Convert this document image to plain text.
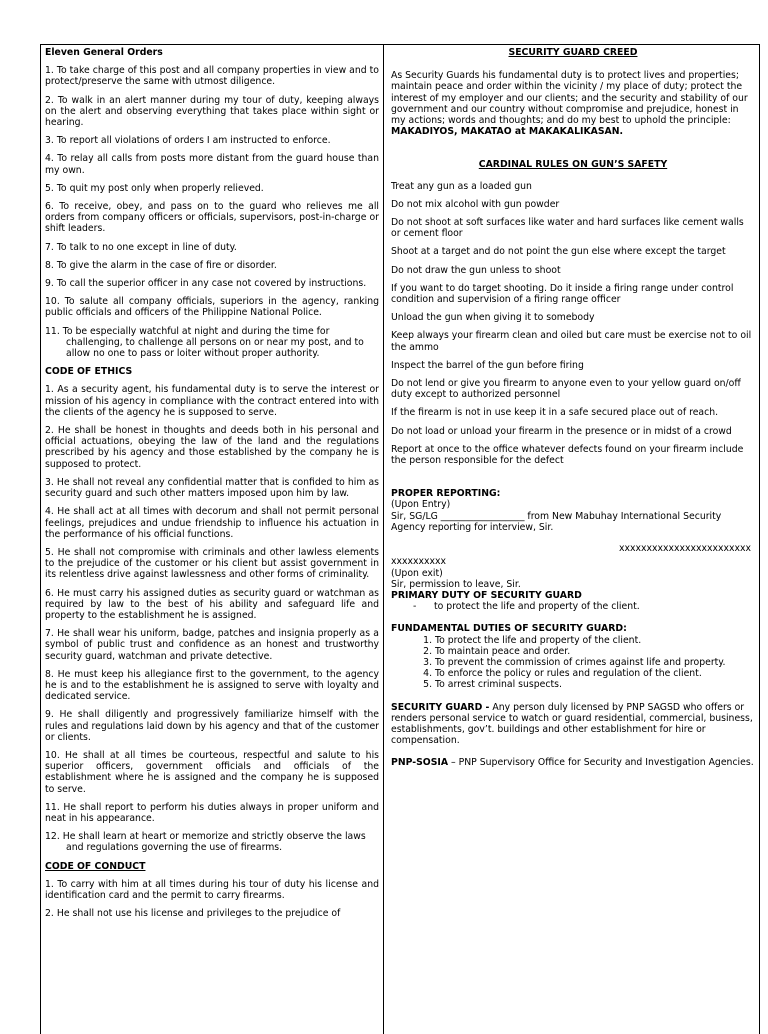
Eleven General Orders

1. To take charge of this post and all company properties in view and to protect/preserve the same with utmost diligence.

2. To walk in an alert manner during my tour of duty, keeping always on the alert and observing everything that takes place within sight or hearing.

3. To report all violations of orders I am instructed to enforce.

4. To relay all calls from posts more distant from the guard house than my own.

5. To quit my post only when properly relieved.

6. To receive, obey, and pass on to the guard who relieves me all orders from company officers or officials, supervisors, post-in-charge or shift leaders.

7. To talk to no one except in line of duty.

8. To give the alarm in the case of fire or disorder.

9. To call the superior officer in any case not covered by instructions.

10. To salute all company officials, superiors in the agency, ranking public officials and officers of the Philippine National Police.

11. To be especially watchful at night and during the time for challenging, to challenge all persons on or near my post, and to allow no one to pass or loiter without proper authority.

CODE OF ETHICS

1. As a security agent, his fundamental duty is to serve the interest or mission of his agency in compliance with the contract entered into with the clients of the agency he is supposed to serve.

2. He shall be honest in thoughts and deeds both in his personal and official actuations, obeying the law of the land and the regulations prescribed by his agency and those established by the company he is supposed to protect.

3. He shall not reveal any confidential matter that is confided to him as security guard and such other matters imposed upon him by law.

4. He shall act at all times with decorum and shall not permit personal feelings, prejudices and undue friendship to influence his actuation in the performance of his official functions.

5. He shall not compromise with criminals and other lawless elements to the prejudice of the customer or his client but assist government in its relentless drive against lawlessness and other forms of criminality.

6. He must carry his assigned duties as security guard or watchman as required by law to the best of his ability and safeguard life and property to the establishment he is assigned.

7. He shall wear his uniform, badge, patches and insignia properly as a symbol of public trust and confidence as an honest and trustworthy security guard, watchman and private detective.

8. He must keep his allegiance first to the government, to the agency he is and to the establishment he is assigned to serve with loyalty and dedicated service.

9. He shall diligently and progressively familiarize himself with the rules and regulations laid down by his agency and that of the customer or clients.

10. He shall at all times be courteous, respectful and salute to his superior officers, government officials and officials of the establishment where he is assigned and the company he is supposed to serve.

11. He shall report to perform his duties always in proper uniform and neat in his appearance.

12. He shall learn at heart or memorize and strictly observe the laws and regulations governing the use of firearms.

CODE OF CONDUCT

1. To carry with him at all times during his tour of duty his license and identification card and the permit to carry firearms.

2. He shall not use his license and privileges to the prejudice of

SECURITY GUARD CREED

As Security Guards his fundamental duty is to protect lives and properties; maintain peace and order within the vicinity / my place of duty; protect the interest of my employer and our clients; and the security and stability of our government and our country without compromise and prejudice, honest in my actions; words and thoughts; and do my best to uphold the principle:

MAKADIYOS, MAKATAO at MAKAKALIKASAN.

CARDINAL RULES ON GUN’S SAFETY

Treat any gun as a loaded gun

Do not mix alcohol with gun powder

Do not shoot at soft surfaces like water and hard surfaces like cement walls or cement floor

Shoot at a target and do not point the gun else where except the target

Do not draw the gun unless to shoot

If you want to do target shooting. Do it inside a firing range under control condition and supervision of a firing range officer

Unload the gun when giving it to somebody

Keep always your firearm clean and oiled but care must be exercise not to oil the ammo

Inspect the barrel of the gun before firing

Do not lend or give you firearm to anyone even to your yellow guard on/off duty except to authorized personnel

If the firearm is not in use keep it in a safe secured place out of reach.

Do not load or unload your firearm in the presence or in midst of a crowd

Report at once to the office whatever defects found on your firearm include the person responsible for the defect

PROPER REPORTING:

(Upon Entry)

Sir, SG/LG __________________ from New Mabuhay International Security Agency reporting for interview, Sir.

xxxxxxxxxxxxxxxxxxxxxxxx

xxxxxxxxxx

(Upon exit)

Sir, permission to leave, Sir.

PRIMARY DUTY OF SECURITY GUARD

- to protect the life and property of the client.

FUNDAMENTAL DUTIES OF SECURITY GUARD:

1. To protect the life and property of the client.
2. To maintain peace and order.
3. To prevent the commission of crimes against life and property.
4. To enforce the policy or rules and regulation of the client.
5. To arrest criminal suspects.

SECURITY GUARD - Any person duly licensed by PNP SAGSD who offers or renders personal service to watch or guard residential, commercial, business, establishments, gov’t. buildings and other establishment for hire or compensation.

PNP-SOSIA – PNP Supervisory Office for Security and Investigation Agencies.
